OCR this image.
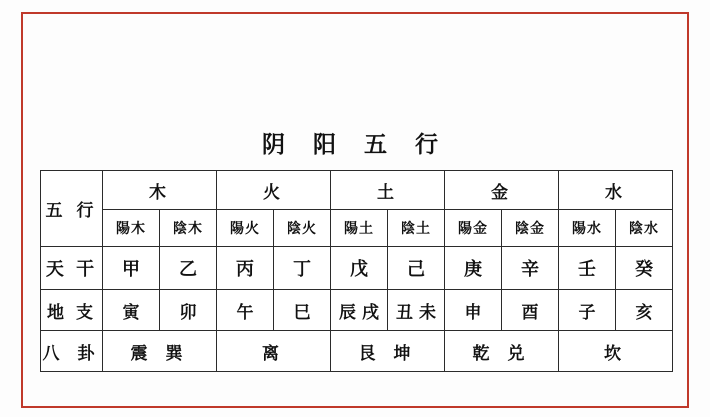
阴 阳 五 行
五 行	木		火		土		金		水	
	陽木	陰木	陽火	陰火	陽土	陰土	陽金	陰金	陽水	陰水
天 干	甲	乙	丙	丁	戊	己	庚	辛	壬	癸
地 支	寅	卯	午	巳	辰 戌	丑 未	申	酉	子	亥
八 卦	震 巽		离		艮 坤		乾 兑		坎	
